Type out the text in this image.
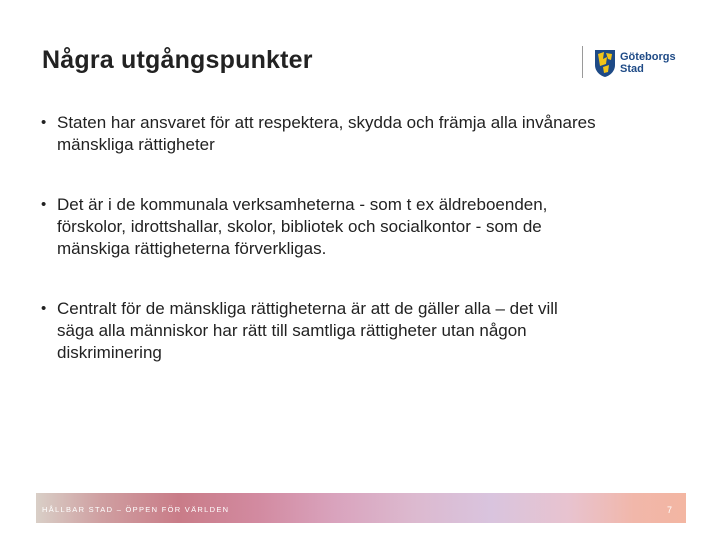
Några utgångspunkter	Göteborgs
Stad
• Staten har ansvaret för att respektera, skydda och främja alla invånares
mänskliga rättigheter
• Det är i de kommunala verksamheterna - som t ex äldreboenden,
förskolor, idrottshallar, skolor, bibliotek och socialkontor - som de
mänskiga rättigheterna förverkligas.
• Centralt för de mänskliga rättigheterna är att de gäller alla – det vill
säga alla människor har rätt till samtliga rättigheter utan någon
diskriminering
HÅLLBAR STAD – ÖPPEN FÖR VÄRLDEN	7
